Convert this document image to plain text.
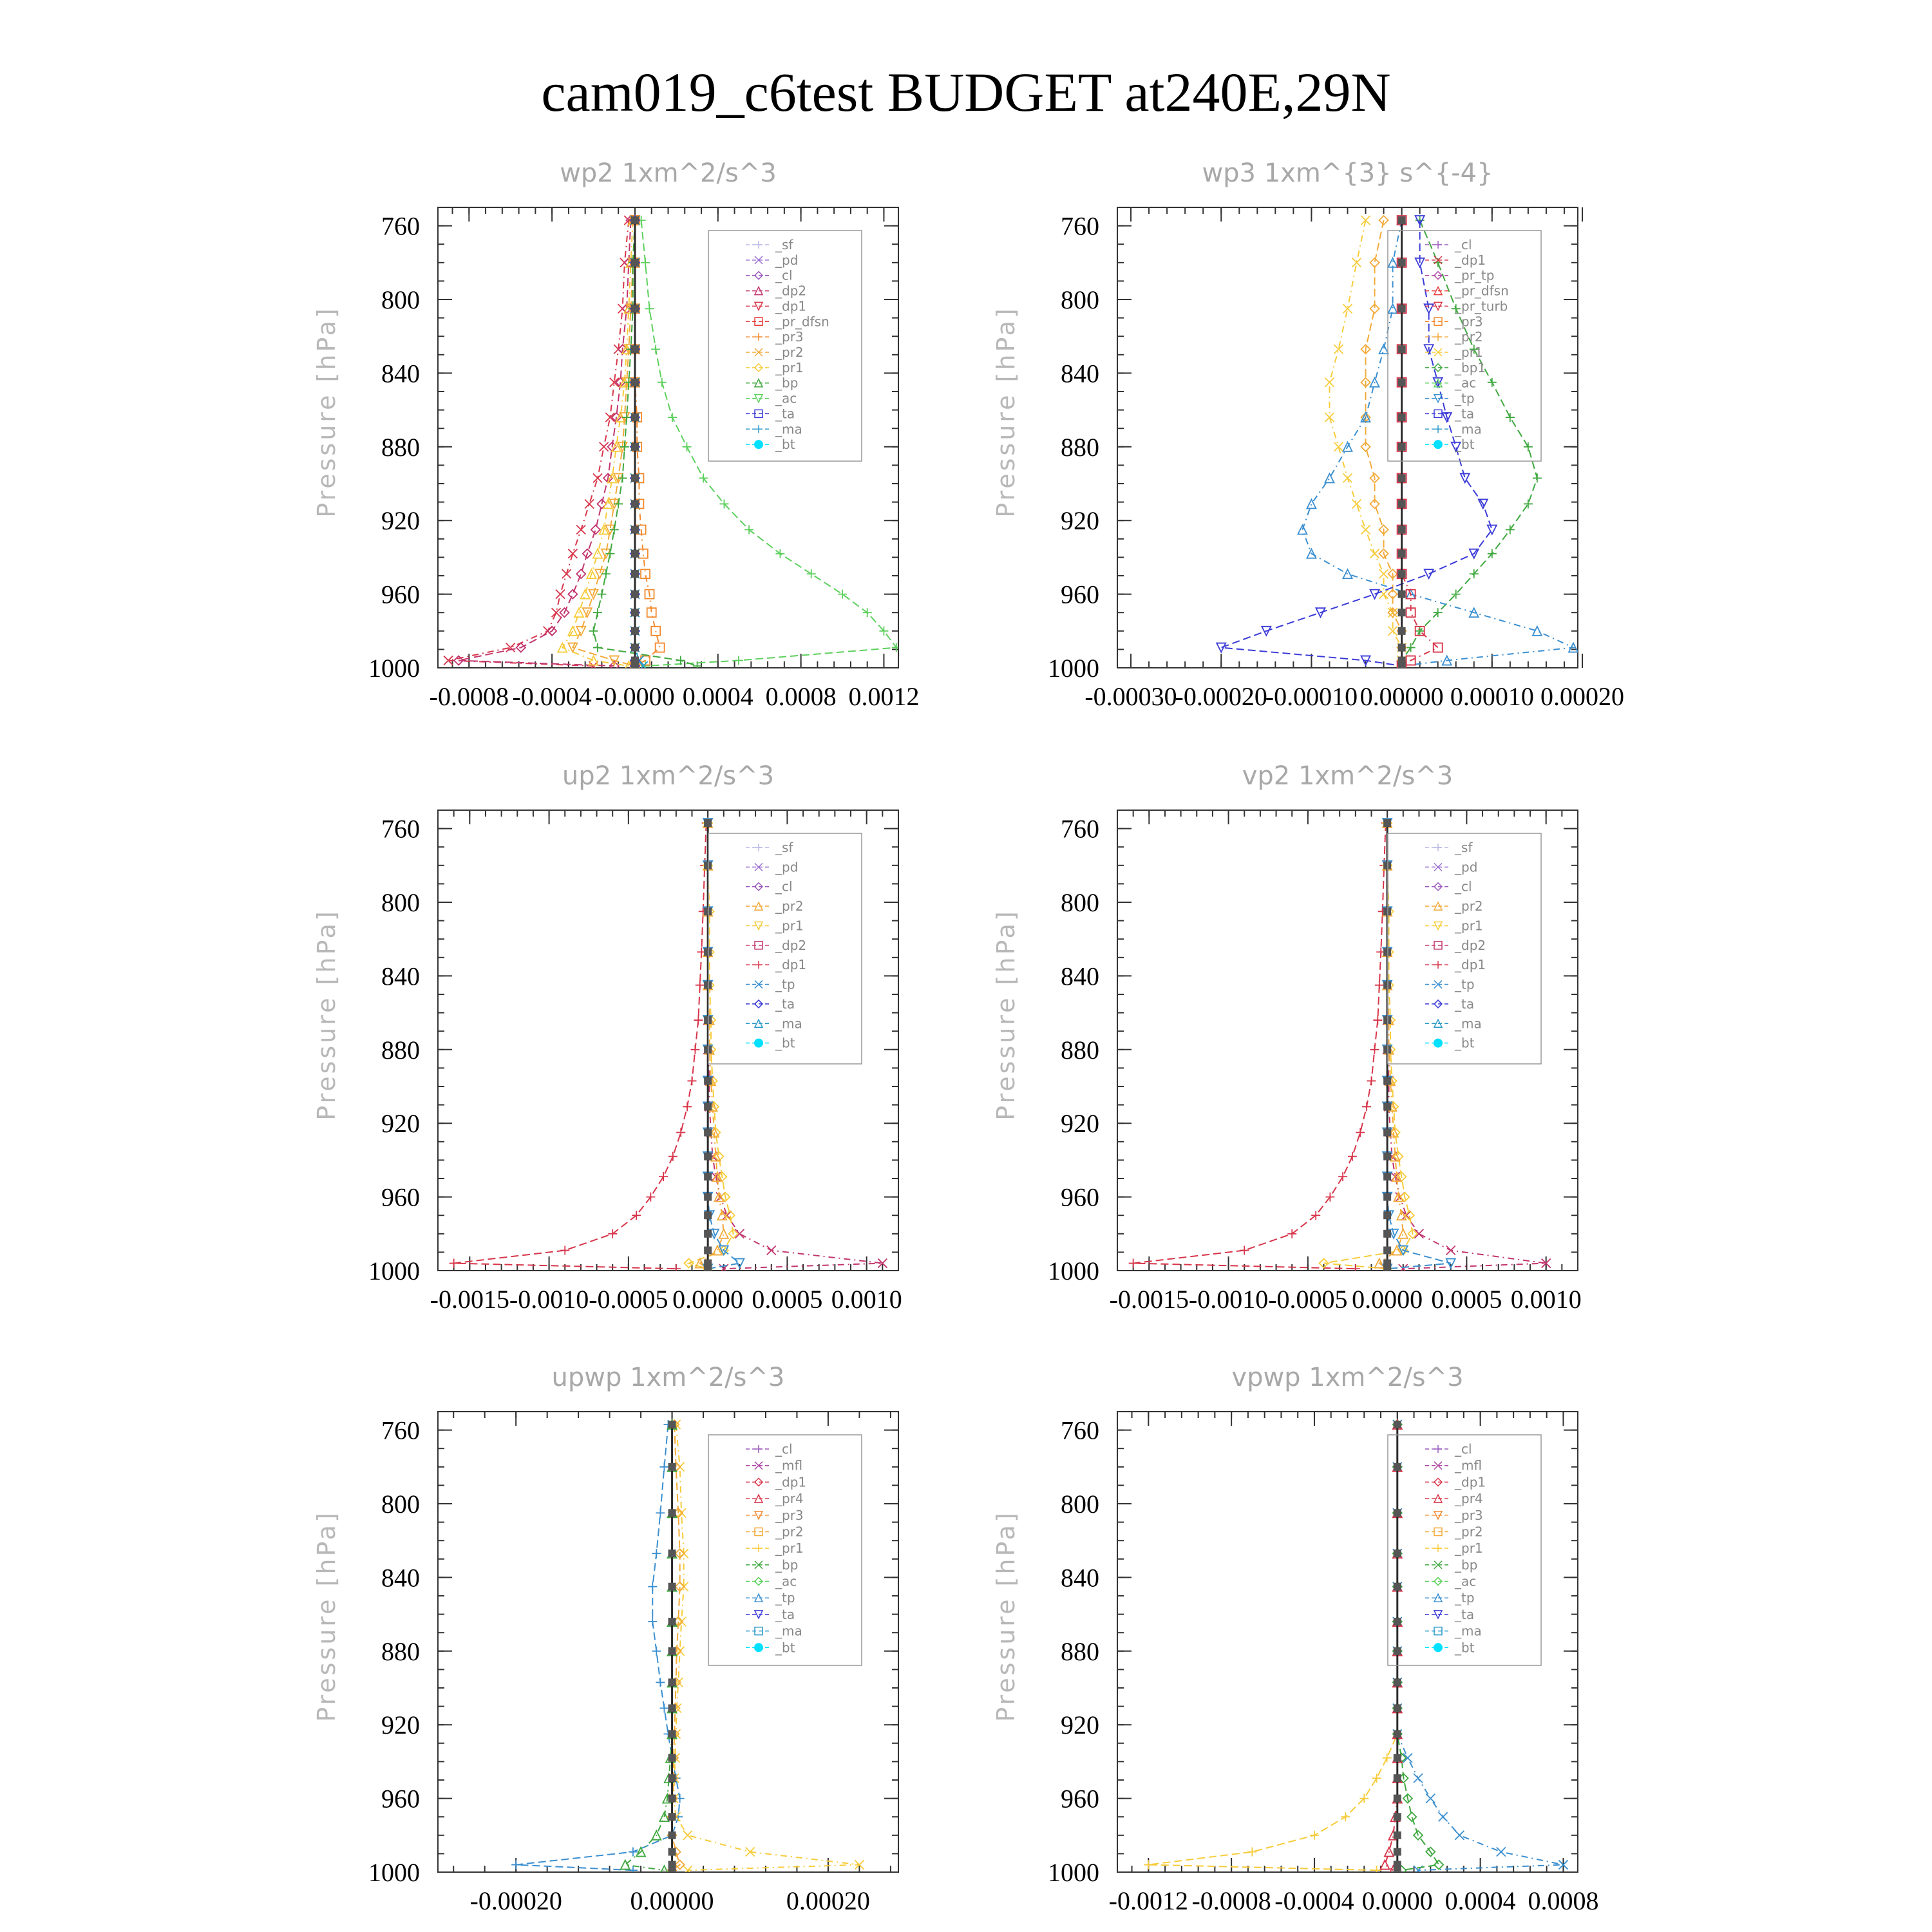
cam019_c6test BUDGET at240E,29N
wp2 1xm^2/s^3
Pressure [hPa]
760
800
840
880
920
960
1000
-0.0008 -0.0004 -0.0000 0.0004 0.0008 0.0012
_sf
_pd
_cl
_dp2
_dp1
_pr_dfsn
_pr3
_pr2
_pr1
_bp
_ac
_ta
_ma
_bt
wp3 1xm^{3} s^{-4}
Pressure [hPa]
760
800
840
880
920
960
1000
-0.00030
-0.00020
-0.00010 0.00000 0.00010 0.00020
_cl
_dp1
_pr_tp
_pr_dfsn
_pr_turb
_pr3
_pr2
_pr1
_bp1
_ac
_tp
_ta
_ma
_bt
up2 1xm^2/s^3
Pressure [hPa]
760
800
840
880
920
960
1000
-0.0015 -0.0010 -0.0005 0.0000 0.0005 0.0010
_sf
_pd
_cl
_pr2
_pr1
_dp2
_dp1
_tp
_ta
_ma
_bt
vp2 1xm^2/s^3
Pressure [hPa]
760
800
840
880
920
960
1000
-0.0015 -0.0010 -0.0005 0.0000 0.0005 0.0010
_sf
_pd
_cl
_pr2
_pr1
_dp2
_dp1
_tp
_ta
_ma
_bt
upwp 1xm^2/s^3
Pressure [hPa]
760
800
840
880
920
960
1000
-0.00020	0.00000	0.00020
_cl
_mfl
_dp1
_pr4
_pr3
_pr2
_pr1
_bp
_ac
_tp
_ta
_ma
_bt
vpwp 1xm^2/s^3
Pressure [hPa]
760
800
840
880
920
960
1000
-0.0012 -0.0008 -0.0004 0.0000 0.0004 0.0008
_cl
_mfl
_dp1
_pr4
_pr3
_pr2
_pr1
_bp
_ac
_tp
_ta
_ma
_bt
